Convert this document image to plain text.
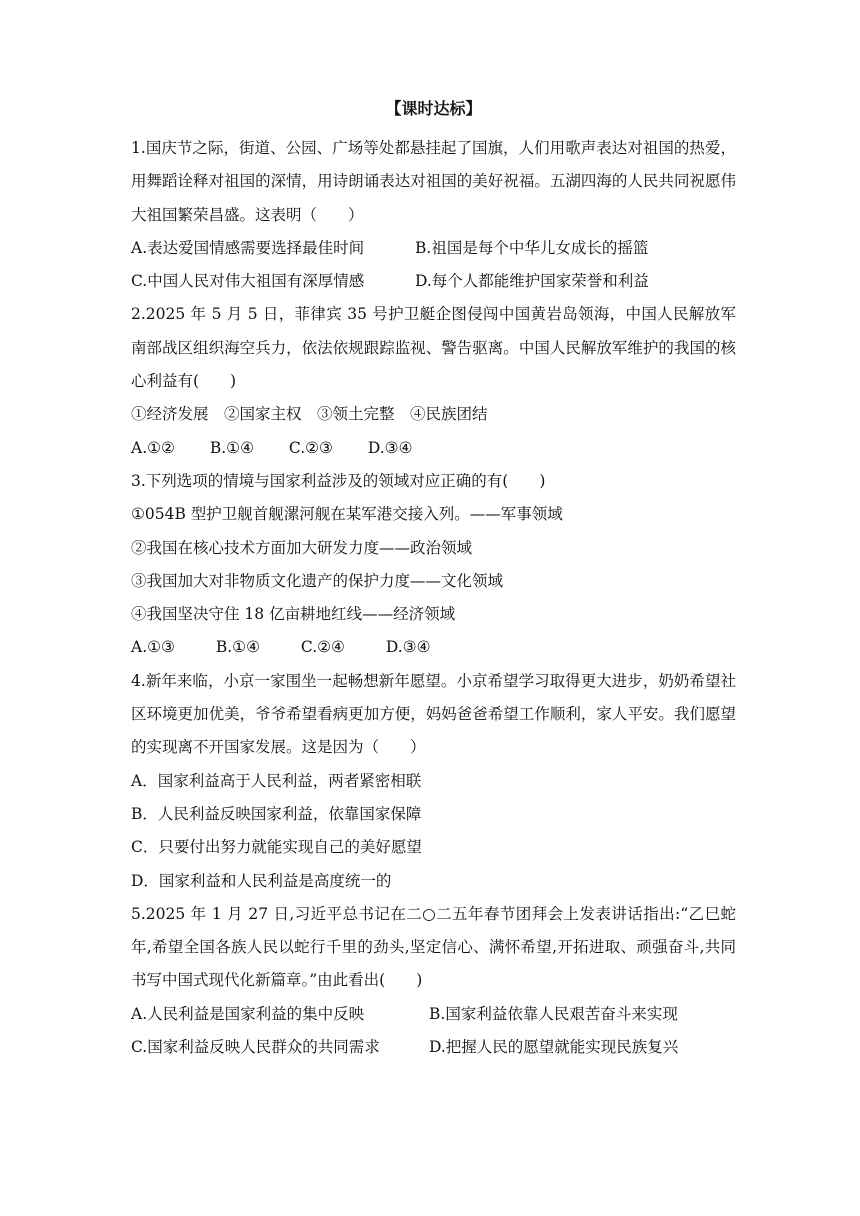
【课时达标】

1.国庆节之际，街道、公园、广场等处都悬挂起了国旗，人们用歌声表达对祖国的热爱，用舞蹈诠释对祖国的深情，用诗朗诵表达对祖国的美好祝福。五湖四海的人民共同祝愿伟大祖国繁荣昌盛。这表明（　　）

A.表达爱国情感需要选择最佳时间	B.祖国是每个中华儿女成长的摇篮
C.中国人民对伟大祖国有深厚情感	D.每个人都能维护国家荣誉和利益

2.2025 年 5 月 5 日，菲律宾 35 号护卫艇企图侵闯中国黄岩岛领海，中国人民解放军南部战区组织海空兵力，依法依规跟踪监视、警告驱离。中国人民解放军维护的我国的核心利益有(　　)

①经济发展　②国家主权　③领土完整　④民族团结
A.①② B.①④ C.②③ D.③④

3.下列选项的情境与国家利益涉及的领域对应正确的有(　　)

①054B 型护卫舰首舰漯河舰在某军港交接入列。——军事领域
②我国在核心技术方面加大研发力度——政治领域
③我国加大对非物质文化遗产的保护力度——文化领域
④我国坚决守住 18 亿亩耕地红线——经济领域
A.①③	B.①④	C.②④	D.③④

4.新年来临，小京一家围坐一起畅想新年愿望。小京希望学习取得更大进步，奶奶希望社区环境更加优美，爷爷希望看病更加方便，妈妈爸爸希望工作顺利，家人平安。我们愿望的实现离不开国家发展。这是因为（　　）

A．国家利益高于人民利益，两者紧密相联
B．人民利益反映国家利益，依靠国家保障
C．只要付出努力就能实现自己的美好愿望
D．国家利益和人民利益是高度统一的

5.2025 年 1 月 27 日,习近平总书记在二○二五年春节团拜会上发表讲话指出:“乙巳蛇年,希望全国各族人民以蛇行千里的劲头,坚定信心、满怀希望,开拓进取、顽强奋斗,共同书写中国式现代化新篇章。”由此看出(　　)

A.人民利益是国家利益的集中反映	B.国家利益依靠人民艰苦奋斗来实现
C.国家利益反映人民群众的共同需求	D.把握人民的愿望就能实现民族复兴
